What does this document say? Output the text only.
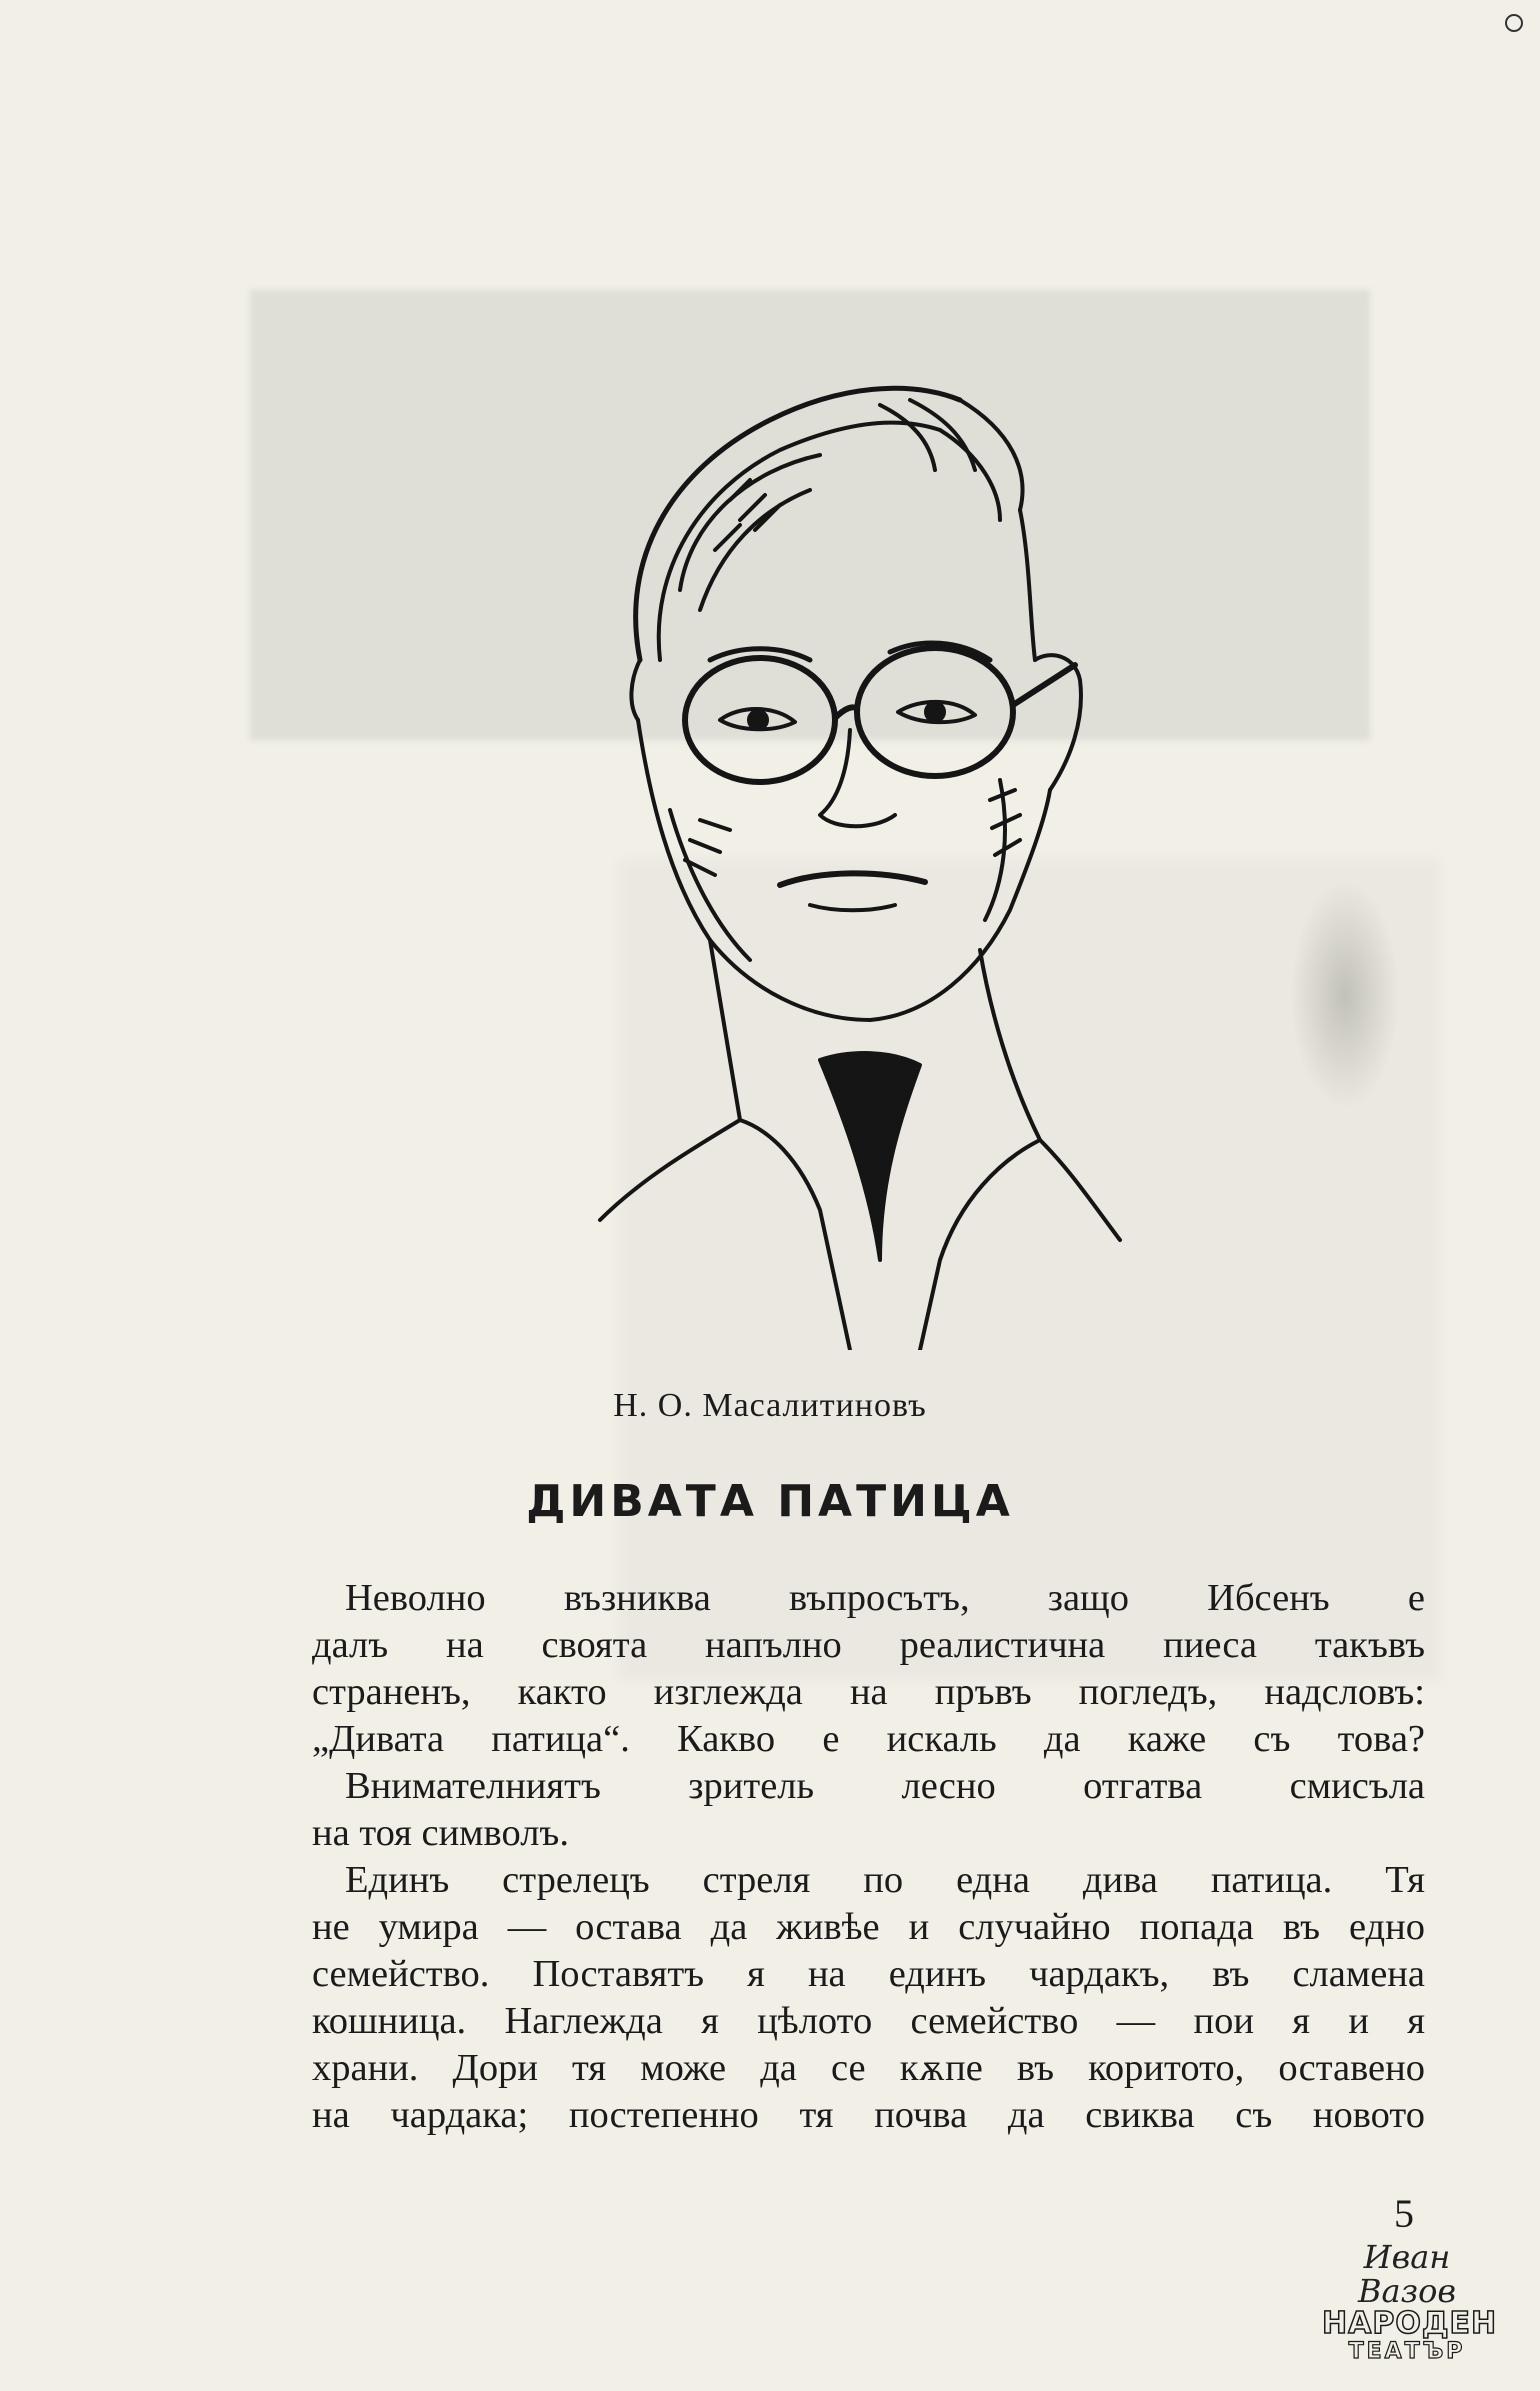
Н. О. Масалитиновъ
ДИВАТА ПАТИЦА
Неволно възниква въпросътъ, защо Ибсенъ е
далъ на своята напълно реалистична пиеса такъвъ
страненъ, както изглежда на пръвъ погледъ, надсловъ:
„Дивата патица“. Какво е искаль да каже съ това?
Внимателниятъ зритель лесно отгатва смисъла
на тоя символъ.
Единъ стрелецъ стреля по една дива патица. Тя
не умира — остава да живѣе и случайно попада въ едно
семейство. Поставятъ я на единъ чардакъ, въ сламена
кошница. Наглежда я цѣлото семейство — пои я и я
храни. Дори тя може да се кѫпе въ коритото, оставено
на чардака; постепенно тя почва да свиква съ новото
5
Иван Вазов
НАРОДЕН
ТЕАТЪР
